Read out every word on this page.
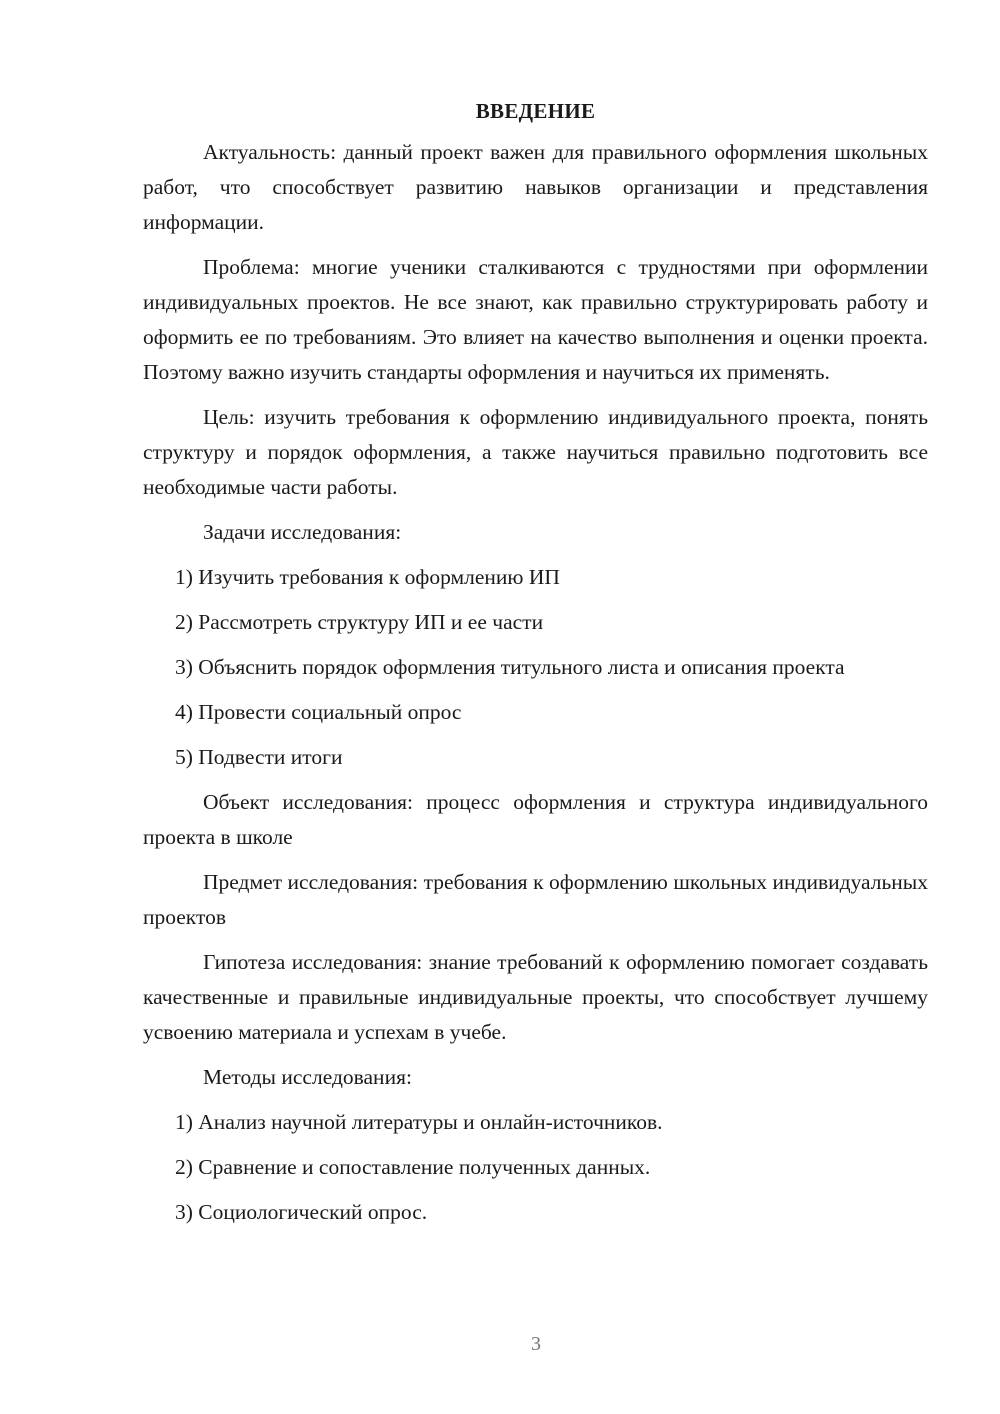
ВВЕДЕНИЕ

Актуальность: данный проект важен для правильного оформления школьных работ, что способствует развитию навыков организации и представления информации.

Проблема: многие ученики сталкиваются с трудностями при оформлении индивидуальных проектов. Не все знают, как правильно структурировать работу и оформить ее по требованиям. Это влияет на качество выполнения и оценки проекта. Поэтому важно изучить стандарты оформления и научиться их применять.

Цель: изучить требования к оформлению индивидуального проекта, понять структуру и порядок оформления, а также научиться правильно подготовить все необходимые части работы.

Задачи исследования:

1) Изучить требования к оформлению ИП

2) Рассмотреть структуру ИП и ее части

3) Объяснить порядок оформления титульного листа и описания проекта

4) Провести социальный опрос

5) Подвести итоги

Объект исследования: процесс оформления и структура индивидуального проекта в школе

Предмет исследования: требования к оформлению школьных индивидуальных проектов

Гипотеза исследования: знание требований к оформлению помогает создавать качественные и правильные индивидуальные проекты, что способствует лучшему усвоению материала и успехам в учебе.

Методы исследования:

1) Анализ научной литературы и онлайн-источников.

2) Сравнение и сопоставление полученных данных.

3) Социологический опрос.

3
